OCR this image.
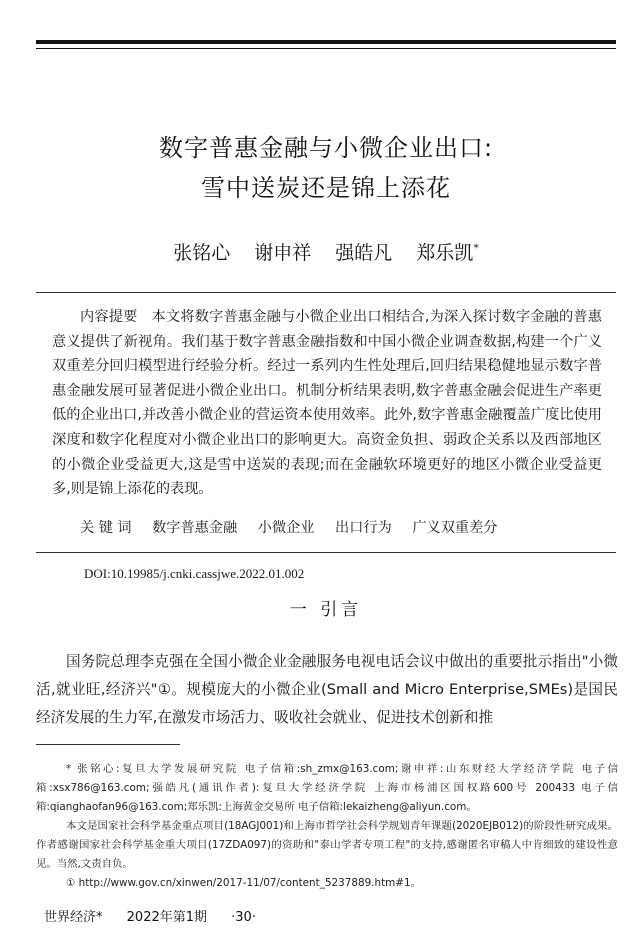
数字普惠金融与小微企业出口:
雪中送炭还是锦上添花
张铭心 谢申祥 强皓凡 郑乐凯*
内容提要 本文将数字普惠金融与小微企业出口相结合,为深入探讨数字金融的普惠意义提供了新视角。我们基于数字普惠金融指数和中国小微企业调查数据,构建一个广义双重差分回归模型进行经验分析。经过一系列内生性处理后,回归结果稳健地显示数字普惠金融发展可显著促进小微企业出口。机制分析结果表明,数字普惠金融会促进生产率更低的企业出口,并改善小微企业的营运资本使用效率。此外,数字普惠金融覆盖广度比使用深度和数字化程度对小微企业出口的影响更大。高资金负担、弱政企关系以及西部地区的小微企业受益更大,这是雪中送炭的表现;而在金融软环境更好的地区小微企业受益更多,则是锦上添花的表现。
关 键 词 数字普惠金融 小微企业 出口行为 广义双重差分
DOI:10.19985/j.cnki.cassjwe.2022.01.002
一 引言
国务院总理李克强在全国小微企业金融服务电视电话会议中做出的重要批示指出"小微活,就业旺,经济兴"①。规模庞大的小微企业(Small and Micro Enterprise,SMEs)是国民经济发展的生力军,在激发市场活力、吸收社会就业、促进技术创新和推

* 张铭心:复旦大学发展研究院 电子信箱:sh_zmx@163.com;谢申祥:山东财经大学经济学院 电子信箱:xsx786@163.com;强皓凡(通讯作者):复旦大学经济学院 上海市杨浦区国权路600号 200433 电子信箱:qianghaofan96@163.com;郑乐凯:上海黄金交易所 电子信箱:lekaizheng@aliyun.com。

本文是国家社会科学基金重点项目(18AGJ001)和上海市哲学社会科学规划青年课题(2020EJB012)的阶段性研究成果。作者感谢国家社会科学基金重大项目(17ZDA097)的资助和"泰山学者专项工程"的支持,感谢匿名审稿人中肯细致的建设性意见。当然,文责自负。

① http://www.gov.cn/xinwen/2017-11/07/content_5237889.htm#1。

世界经济* 2022年第1期 ·30·
